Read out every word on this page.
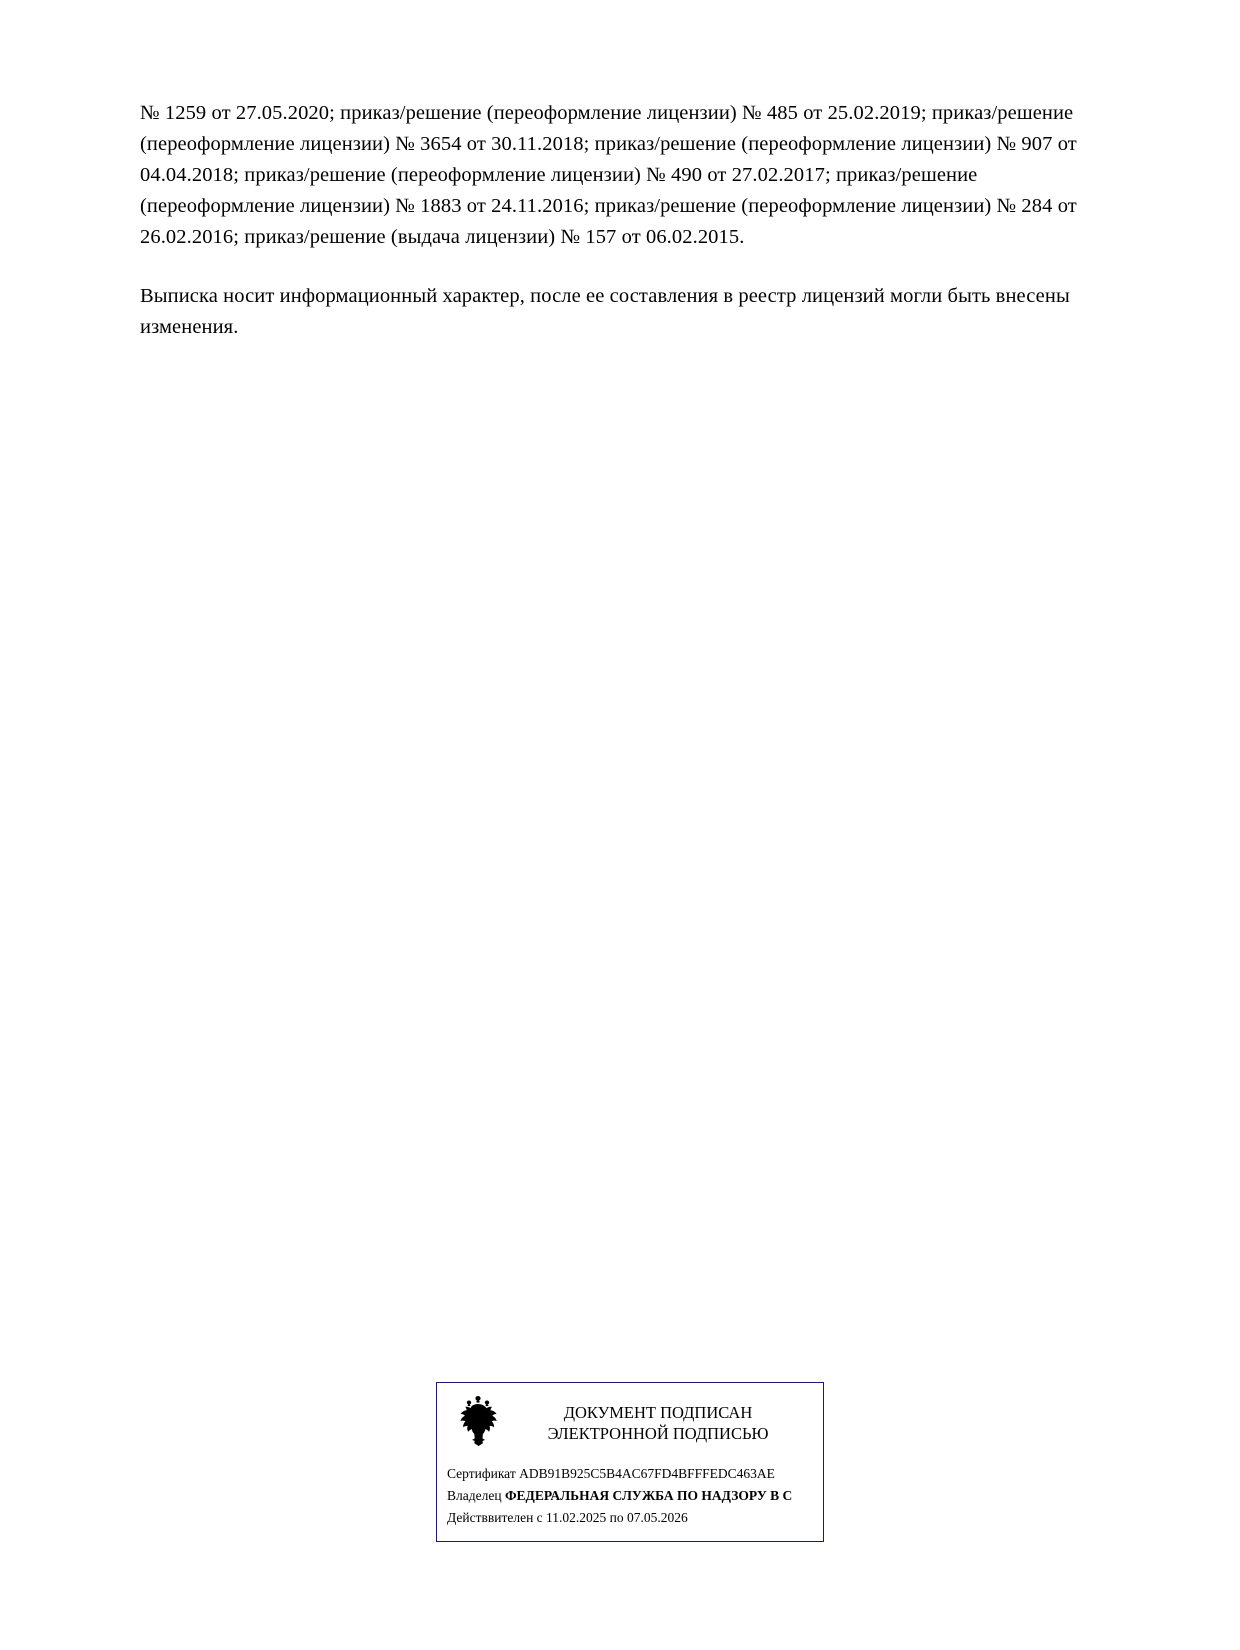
№ 1259 от 27.05.2020; приказ/решение (переоформление лицензии) № 485 от 25.02.2019; приказ/решение (переоформление лицензии) № 3654 от 30.11.2018; приказ/решение (переоформление лицензии) № 907 от 04.04.2018; приказ/решение (переоформление лицензии) № 490 от 27.02.2017; приказ/решение (переоформление лицензии) № 1883 от 24.11.2016; приказ/решение (переоформление лицензии) № 284 от 26.02.2016; приказ/решение (выдача лицензии) № 157 от 06.02.2015.

Выписка носит информационный характер, после ее составления в реестр лицензий могли быть внесены изменения.

ДОКУМЕНТ ПОДПИСАН
ЭЛЕКТРОННОЙ ПОДПИСЬЮ
Сертификат ADB91B925C5B4AC67FD4BFFFEDC463AE
Владелец ФЕДЕРАЛЬНАЯ СЛУЖБА ПО НАДЗОРУ В С
Действвителен с 11.02.2025 по 07.05.2026
